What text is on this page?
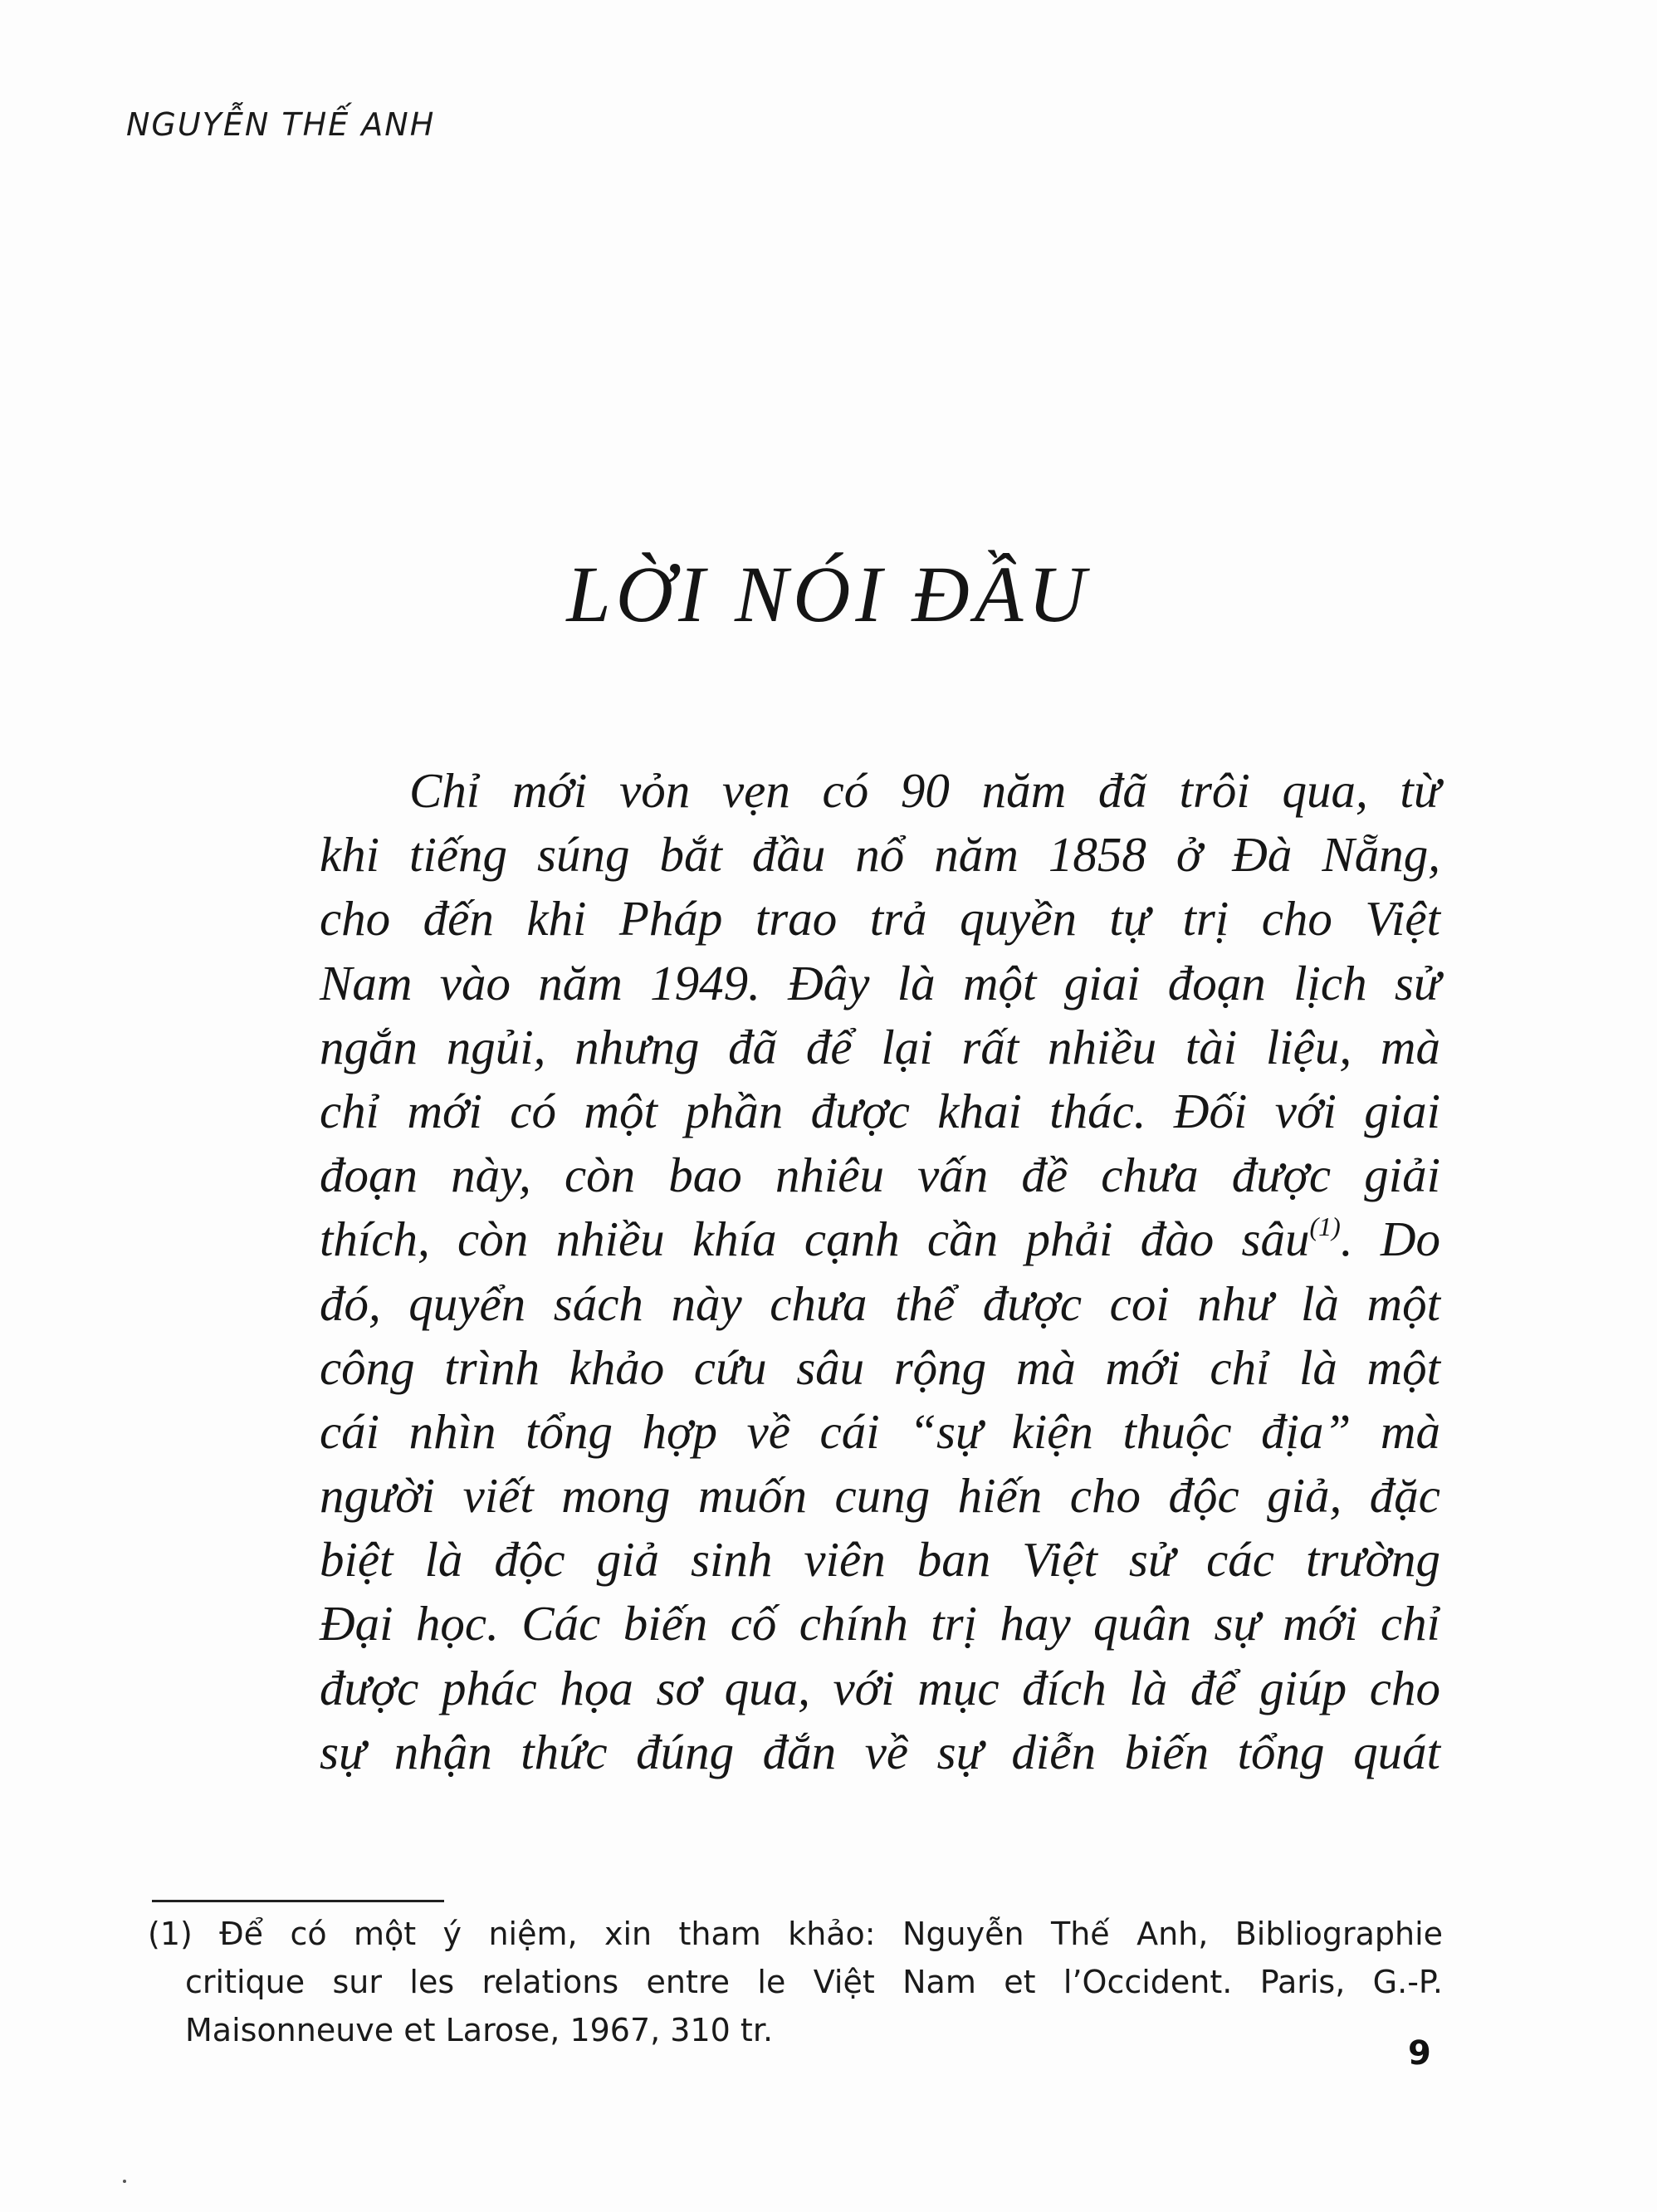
NGUYỄN THẾ ANH
LỜI NÓI ĐẦU
Chỉ mới vỏn vẹn có 90 năm đã trôi qua, từ
khi tiếng súng bắt đầu nổ năm 1858 ở Đà Nẵng,
cho đến khi Pháp trao trả quyền tự trị cho Việt
Nam vào năm 1949. Đây là một giai đoạn lịch sử
ngắn ngủi, nhưng đã để lại rất nhiều tài liệu, mà
chỉ mới có một phần được khai thác. Đối với giai
đoạn này, còn bao nhiêu vấn đề chưa được giải
thích, còn nhiều khía cạnh cần phải đào sâu$^{(1)}$. Do
đó, quyển sách này chưa thể được coi như là một
công trình khảo cứu sâu rộng mà mới chỉ là một
cái nhìn tổng hợp về cái “sự kiện thuộc địa” mà
người viết mong muốn cung hiến cho độc giả, đặc
biệt là độc giả sinh viên ban Việt sử các trường
Đại học. Các biến cố chính trị hay quân sự mới chỉ
được phác họa sơ qua, với mục đích là để giúp cho
sự nhận thức đúng đắn về sự diễn biến tổng quát
(1) Để có một ý niệm, xin tham khảo: Nguyễn Thế Anh, Bibliographie
critique sur les relations entre le Việt Nam et l’Occident. Paris, G.-P.
Maisonneuve et Larose, 1967, 310 tr.
9
